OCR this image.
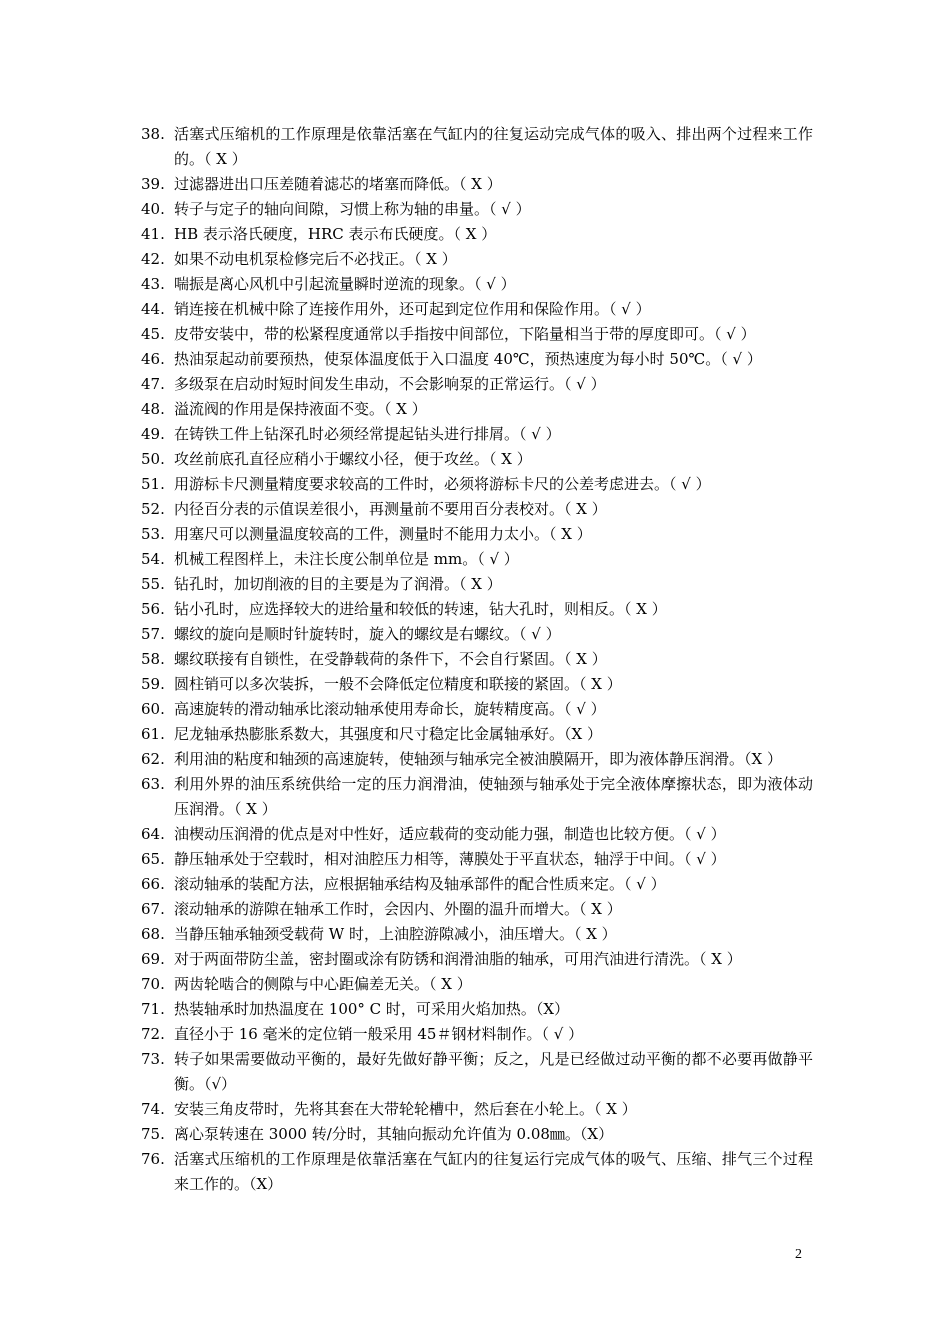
38. 活塞式压缩机的工作原理是依靠活塞在气缸内的往复运动完成气体的吸入、排出两个过程来工作的。（ X ）
39. 过滤器进出口压差随着滤芯的堵塞而降低。（ X ）
40. 转子与定子的轴向间隙，习惯上称为轴的串量。（ √ ）
41. HB 表示洛氏硬度，HRC 表示布氏硬度。（ X ）
42. 如果不动电机泵检修完后不必找正。（ X ）
43. 喘振是离心风机中引起流量瞬时逆流的现象。（ √ ）
44. 销连接在机械中除了连接作用外，还可起到定位作用和保险作用。（ √ ）
45. 皮带安装中，带的松紧程度通常以手指按中间部位，下陷量相当于带的厚度即可。（ √ ）
46. 热油泵起动前要预热，使泵体温度低于入口温度 40℃，预热速度为每小时 50℃。（ √ ）
47. 多级泵在启动时短时间发生串动，不会影响泵的正常运行。（ √ ）
48. 溢流阀的作用是保持液面不变。（ X ）
49. 在铸铁工件上钻深孔时必须经常提起钻头进行排屑。（ √ ）
50. 攻丝前底孔直径应稍小于螺纹小径，便于攻丝。（ X ）
51. 用游标卡尺测量精度要求较高的工件时，必须将游标卡尺的公差考虑进去。（ √ ）
52. 内径百分表的示值误差很小，再测量前不要用百分表校对。（ X ）
53. 用塞尺可以测量温度较高的工件，测量时不能用力太小。（ X ）
54. 机械工程图样上，未注长度公制单位是 mm。（ √ ）
55. 钻孔时，加切削液的目的主要是为了润滑。（ X ）
56. 钻小孔时，应选择较大的进给量和较低的转速，钻大孔时，则相反。（ X ）
57. 螺纹的旋向是顺时针旋转时，旋入的螺纹是右螺纹。（ √ ）
58. 螺纹联接有自锁性，在受静载荷的条件下，不会自行紧固。（ X ）
59. 圆柱销可以多次装拆，一般不会降低定位精度和联接的紧固。（ X ）
60. 高速旋转的滑动轴承比滚动轴承使用寿命长，旋转精度高。（ √ ）
61. 尼龙轴承热膨胀系数大，其强度和尺寸稳定比金属轴承好。（X ）
62. 利用油的粘度和轴颈的高速旋转，使轴颈与轴承完全被油膜隔开，即为液体静压润滑。（X ）
63. 利用外界的油压系统供给一定的压力润滑油，使轴颈与轴承处于完全液体摩擦状态，即为液体动压润滑。（ X ）
64. 油楔动压润滑的优点是对中性好，适应载荷的变动能力强，制造也比较方便。（ √ ）
65. 静压轴承处于空载时，相对油腔压力相等，薄膜处于平直状态，轴浮于中间。（ √ ）
66. 滚动轴承的装配方法，应根据轴承结构及轴承部件的配合性质来定。（ √ ）
67. 滚动轴承的游隙在轴承工作时，会因内、外圈的温升而增大。（ X ）
68. 当静压轴承轴颈受载荷 W 时，上油腔游隙减小，油压增大。（ X ）
69. 对于两面带防尘盖，密封圈或涂有防锈和润滑油脂的轴承，可用汽油进行清洗。（ X ）
70. 两齿轮啮合的侧隙与中心距偏差无关。（ X ）
71. 热装轴承时加热温度在 100° C 时，可采用火焰加热。（X）
72. 直径小于 16 毫米的定位销一般采用 45＃钢材料制作。（ √ ）
73. 转子如果需要做动平衡的，最好先做好静平衡；反之，凡是已经做过动平衡的都不必要再做静平衡。（√）
74. 安装三角皮带时，先将其套在大带轮轮槽中，然后套在小轮上。（ X ）
75. 离心泵转速在 3000 转/分时，其轴向振动允许值为 0.08㎜。（X）
76. 活塞式压缩机的工作原理是依靠活塞在气缸内的往复运行完成气体的吸气、压缩、排气三个过程来工作的。（X）
2
